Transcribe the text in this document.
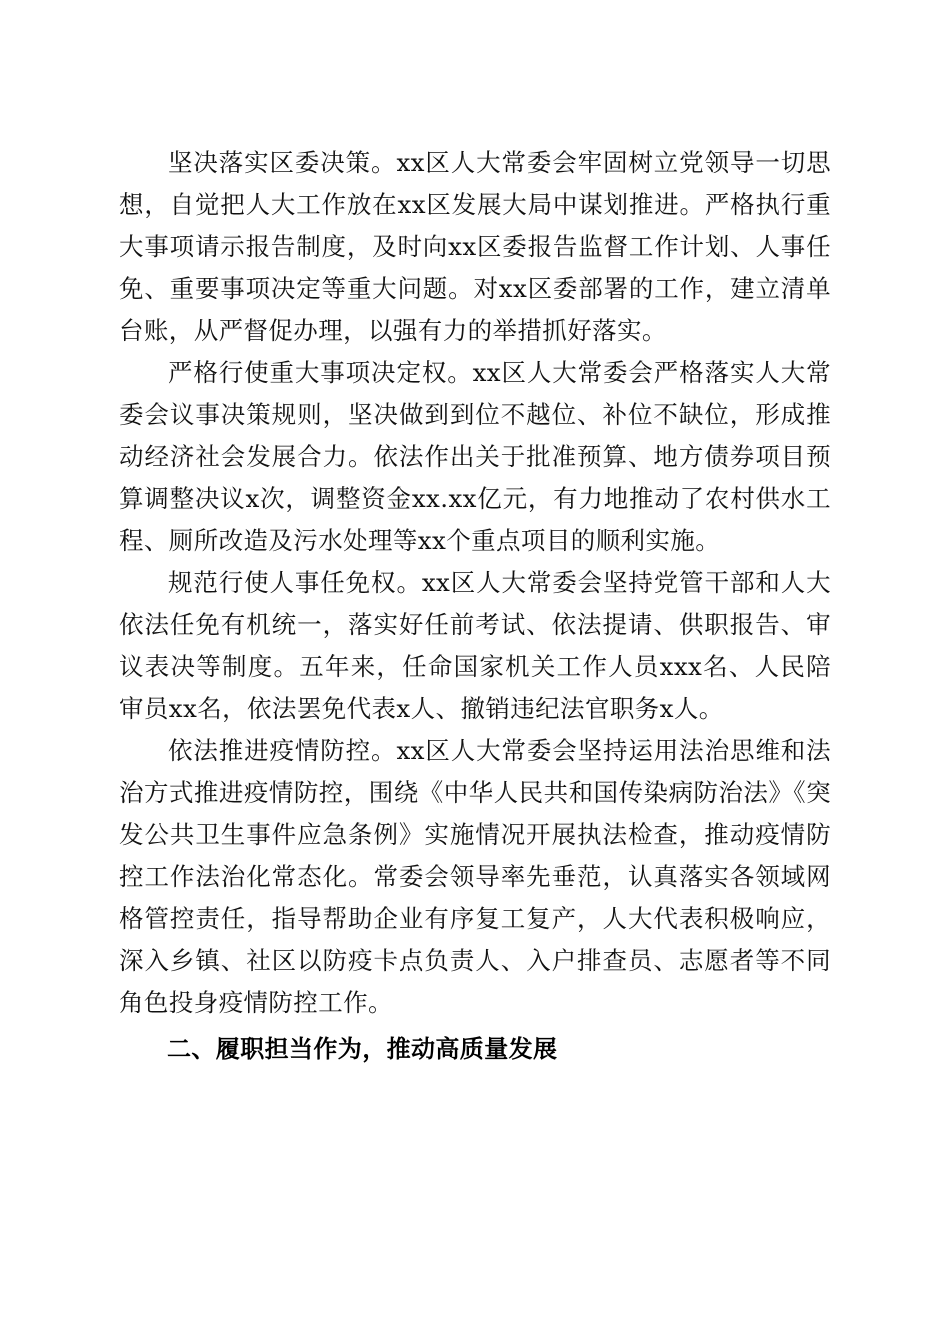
坚决落实区委决策。xx区人大常委会牢固树立党领导一切思想，自觉把人大工作放在xx区发展大局中谋划推进。严格执行重大事项请示报告制度，及时向xx区委报告监督工作计划、人事任免、重要事项决定等重大问题。对xx区委部署的工作，建立清单台账，从严督促办理，以强有力的举措抓好落实。

严格行使重大事项决定权。xx区人大常委会严格落实人大常委会议事决策规则，坚决做到到位不越位、补位不缺位，形成推动经济社会发展合力。依法作出关于批准预算、地方债券项目预算调整决议x次，调整资金xx.xx亿元，有力地推动了农村供水工程、厕所改造及污水处理等xx个重点项目的顺利实施。

规范行使人事任免权。xx区人大常委会坚持党管干部和人大依法任免有机统一，落实好任前考试、依法提请、供职报告、审议表决等制度。五年来，任命国家机关工作人员xxx名、人民陪审员xx名，依法罢免代表x人、撤销违纪法官职务x人。

依法推进疫情防控。xx区人大常委会坚持运用法治思维和法治方式推进疫情防控，围绕《中华人民共和国传染病防治法》《突发公共卫生事件应急条例》实施情况开展执法检查，推动疫情防控工作法治化常态化。常委会领导率先垂范，认真落实各领域网格管控责任，指导帮助企业有序复工复产，人大代表积极响应，深入乡镇、社区以防疫卡点负责人、入户排查员、志愿者等不同角色投身疫情防控工作。

二、履职担当作为，推动高质量发展
